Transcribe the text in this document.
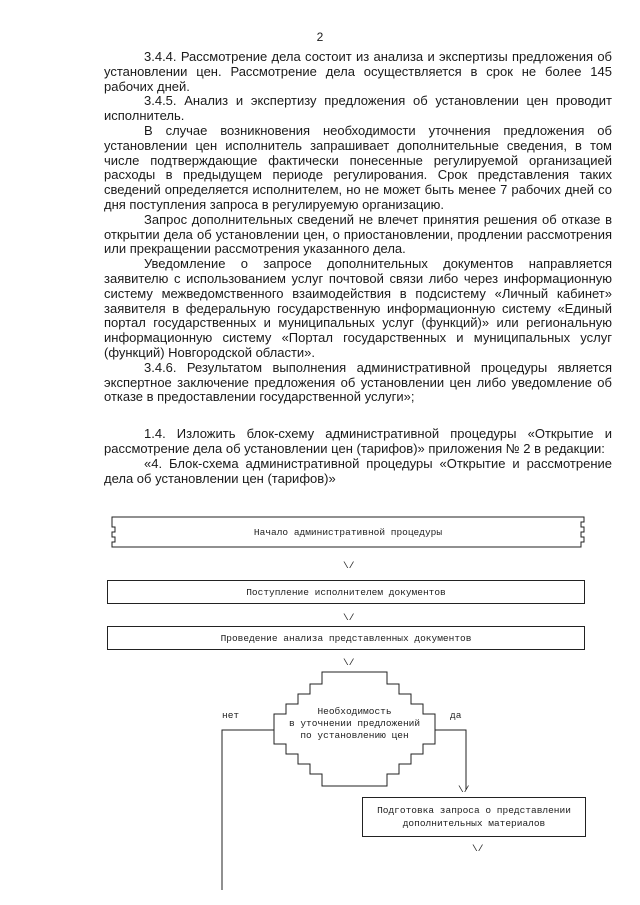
2

3.4.4. Рассмотрение дела состоит из анализа и экспертизы предложения об установлении цен. Рассмотрение дела осуществляется в срок не более 145 рабочих дней.

3.4.5. Анализ и экспертизу предложения об установлении цен проводит исполнитель.

В случае возникновения необходимости уточнения предложения об установлении цен исполнитель запрашивает дополнительные сведения, в том числе подтверждающие фактически понесенные регулируемой организацией расходы в предыдущем периоде регулирования. Срок представления таких сведений определяется исполнителем, но не может быть менее 7 рабочих дней со дня поступления запроса в регулируемую организацию.

Запрос дополнительных сведений не влечет принятия решения об отказе в открытии дела об установлении цен, о приостановлении, продлении рассмотрения или прекращении рассмотрения указанного дела.

Уведомление о запросе дополнительных документов направляется заявителю с использованием услуг почтовой связи либо через информационную систему межведомственного взаимодействия в подсистему «Личный кабинет» заявителя в федеральную государственную информационную систему «Единый портал государственных и муниципальных услуг (функций)» или региональную информационную систему «Портал государственных и муниципальных услуг (функций) Новгородской области».

3.4.6. Результатом выполнения административной процедуры является экспертное заключение предложения об установлении цен либо уведомление об отказе в предоставлении государственной услуги»;

1.4. Изложить блок-схему административной процедуры «Открытие и рассмотрение дела об установлении цен (тарифов)» приложения № 2 в редакции:

«4. Блок-схема административной процедуры «Открытие и рассмотрение дела об установлении цен (тарифов)»

Начало административной процедуры
\/
Поступление исполнителем документов
\/
Проведение анализа представленных документов
\/
Необходимость
в уточнении предложений
по установлению цен
нет	да
\/
Подготовка запроса о представлении
дополнительных материалов
\/
